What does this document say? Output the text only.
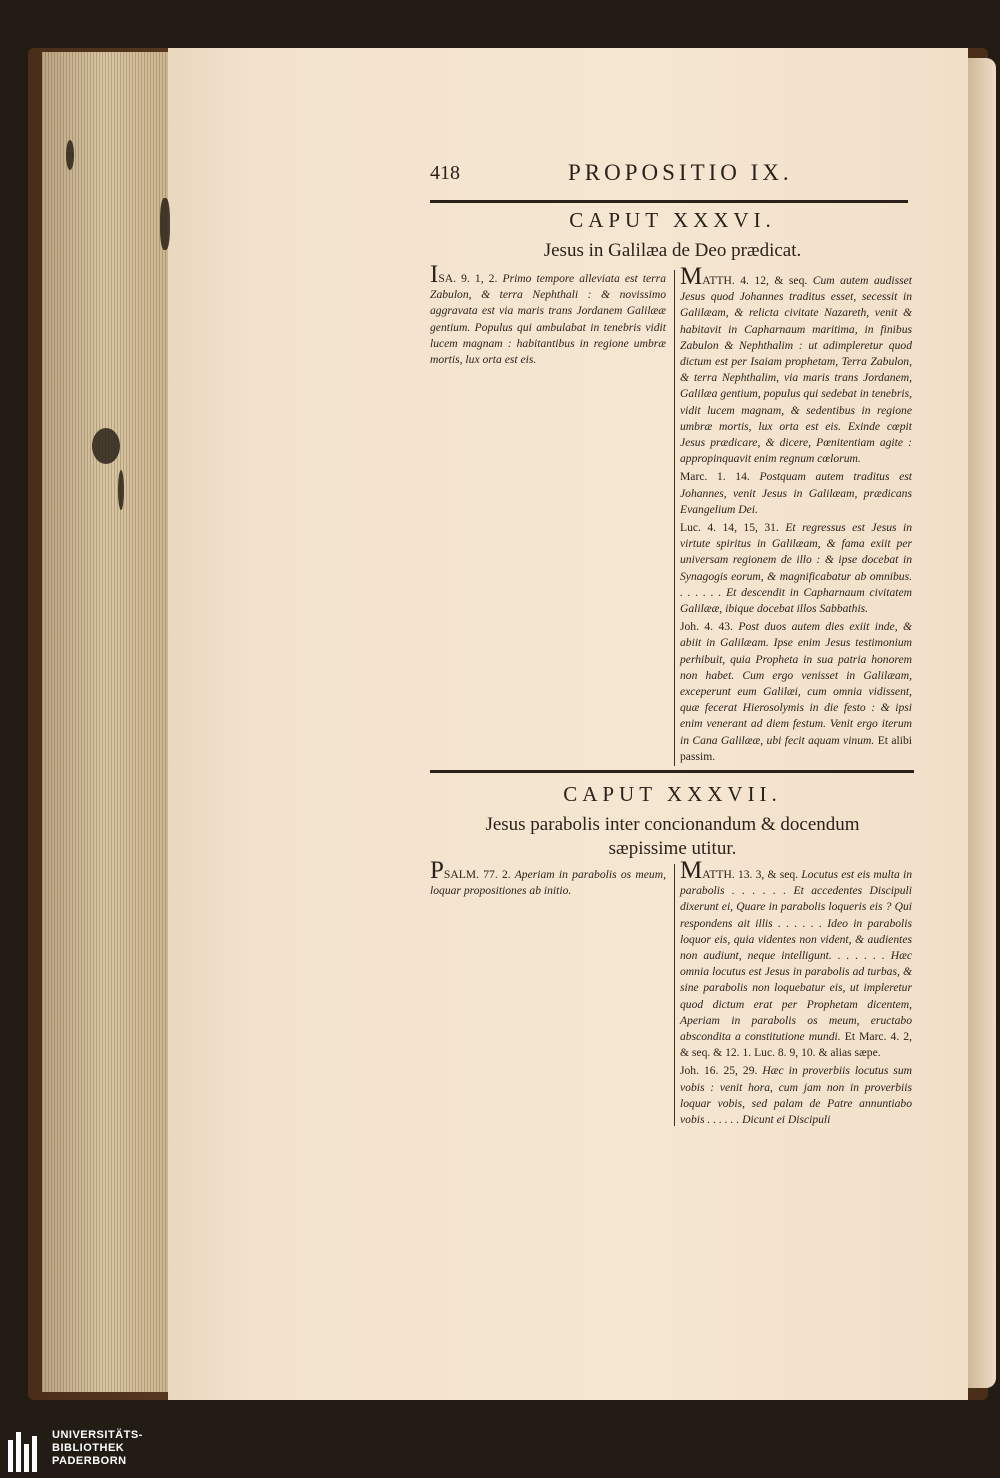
418	PROPOSITIO IX.
CAPUT XXXVI.
Jesus in Galilæa de Deo prædicat.

ISA. 9. 1, 2. Primo tempore alleviata est terra Zabulon, & terra Nephthali : & novissimo aggravata est via maris trans Jordanem Galilææ gentium. Populus qui ambulabat in tenebris vidit lucem magnam : habitantibus in regione umbræ mortis, lux orta est eis.

MATTH. 4. 12, & seq. Cum autem audisset Jesus quod Johannes traditus esset, secessit in Galilæam, & relicta civitate Nazareth, venit & habitavit in Capharnaum maritima, in finibus Zabulon & Nephthalim : ut adimpleretur quod dictum est per Isaiam prophetam, Terra Zabulon, & terra Nephthalim, via maris trans Jordanem, Galilæa gentium, populus qui sedebat in tenebris, vidit lucem magnam, & sedentibus in regione umbræ mortis, lux orta est eis. Exinde cœpit Jesus prædicare, & dicere, Pœnitentiam agite : appropinquavit enim regnum cœlorum.

Marc. 1. 14. Postquam autem traditus est Johannes, venit Jesus in Galilæam, prædicans Evangelium Dei.

Luc. 4. 14, 15, 31. Et regressus est Jesus in virtute spiritus in Galilæam, & fama exiit per universam regionem de illo : & ipse docebat in Synagogis eorum, & magnificabatur ab omnibus. . . . . . . Et descendit in Capharnaum civitatem Galilææ, ibique docebat illos Sabbathis.

Joh. 4. 43. Post duos autem dies exiit inde, & abiit in Galilæam. Ipse enim Jesus testimonium perhibuit, quia Propheta in sua patria honorem non habet. Cum ergo venisset in Galilæam, exceperunt eum Galilæi, cum omnia vidissent, quæ fecerat Hierosolymis in die festo : & ipsi enim venerant ad diem festum. Venit ergo iterum in Cana Galilææ, ubi fecit aquam vinum. Et alibi passim.

CAPUT XXXVII.
Jesus parabolis inter concionandum & docendum
sæpissime utitur.

PSALM. 77. 2. Aperiam in parabolis os meum, loquar propositiones ab initio.

MATTH. 13. 3, & seq. Locutus est eis multa in parabolis . . . . . . Et accedentes Discipuli dixerunt ei, Quare in parabolis loqueris eis ? Qui respondens ait illis . . . . . . Ideo in parabolis loquor eis, quia videntes non vident, & audientes non audiunt, neque intelligunt. . . . . . . Hæc omnia locutus est Jesus in parabolis ad turbas, & sine parabolis non loquebatur eis, ut impleretur quod dictum erat per Prophetam dicentem, Aperiam in parabolis os meum, eructabo abscondita a constitutione mundi. Et Marc. 4. 2, & seq. & 12. 1. Luc. 8. 9, 10. & alias sæpe.

Joh. 16. 25, 29. Hæc in proverbiis locutus sum vobis : venit hora, cum jam non in proverbiis loquar vobis, sed palam de Patre annuntiabo vobis . . . . . . Dicunt ei Discipuli

UNIVERSITÄTS-
BIBLIOTHEK
PADERBORN
